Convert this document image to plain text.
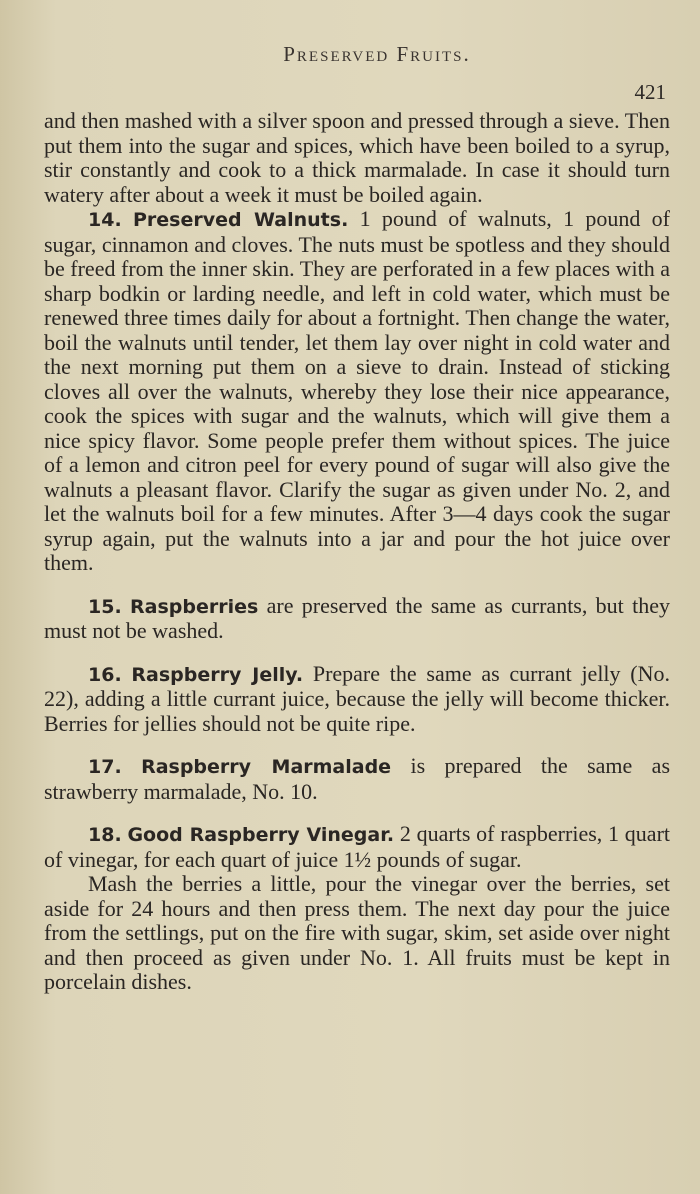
Preserved Fruits.
421

and then mashed with a silver spoon and pressed through a sieve. Then put them into the sugar and spices, which have been boiled to a syrup, stir constantly and cook to a thick marmalade. In case it should turn watery after about a week it must be boiled again.

14. Preserved Walnuts. 1 pound of walnuts, 1 pound of sugar, cinnamon and cloves. The nuts must be spotless and they should be freed from the inner skin. They are perforated in a few places with a sharp bodkin or larding needle, and left in cold water, which must be renewed three times daily for about a fortnight. Then change the water, boil the walnuts until tender, let them lay over night in cold water and the next morning put them on a sieve to drain. Instead of sticking cloves all over the walnuts, whereby they lose their nice appearance, cook the spices with sugar and the walnuts, which will give them a nice spicy flavor. Some people prefer them without spices. The juice of a lemon and citron peel for every pound of sugar will also give the walnuts a pleasant flavor. Clarify the sugar as given under No. 2, and let the walnuts boil for a few minutes. After 3—4 days cook the sugar syrup again, put the walnuts into a jar and pour the hot juice over them.

15. Raspberries are preserved the same as currants, but they must not be washed.

16. Raspberry Jelly. Prepare the same as currant jelly (No. 22), adding a little currant juice, because the jelly will become thicker. Berries for jellies should not be quite ripe.

17. Raspberry Marmalade is prepared the same as strawberry marmalade, No. 10.

18. Good Raspberry Vinegar. 2 quarts of raspberries, 1 quart of vinegar, for each quart of juice 1½ pounds of sugar.

Mash the berries a little, pour the vinegar over the berries, set aside for 24 hours and then press them. The next day pour the juice from the settlings, put on the fire with sugar, skim, set aside over night and then proceed as given under No. 1. All fruits must be kept in porcelain dishes.
